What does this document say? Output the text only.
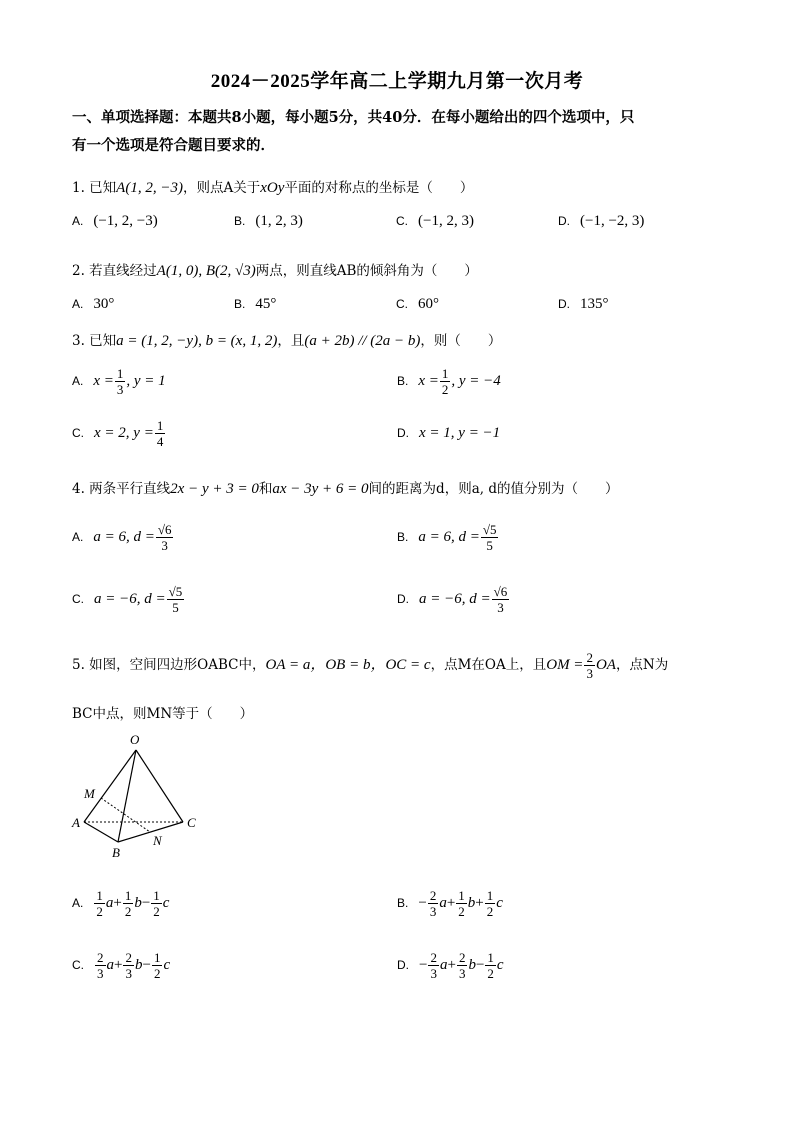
2024－2025学年高二上学期九月第一次月考
一、单项选择题：本题共8小题，每小题5分，共40分．在每小题给出的四个选项中，只
有一个选项是符合题目要求的．
1. 已知A(1, 2, −3)，则点A关于xOy平面的对称点的坐标是（　　）
A. (−1, 2, −3)	B. (1, 2, 3)	C. (−1, 2, 3)	D. (−1, −2, 3)
2. 若直线经过A(1, 0), B(2, √3)两点，则直线AB的倾斜角为（　　）
A. 30°	B. 45°	C. 60°	D. 135°
3. 已知a = (1, 2, −y), b = (x, 1, 2)，且(a + 2b) // (2a − b)，则（　　）
A. $x = \frac{1}{3}$ , y = 1	B. $x = \frac{1}{2}$ , y = −4
C. x = 2, $y = \frac{1}{4}$	D. x = 1, y = −1
4. 两条平行直线2x − y + 3 = 0和ax − 3y + 6 = 0间的距离为d，则a, d的值分别为（　　）
A. a = 6, $d = \frac{√6}{3}$	B. a = 6, $d = \frac{√5}{5}$
C. a = −6, $d = \frac{√5}{5}$	D. a = −6, $d = \frac{√6}{3}$
5. 如图，空间四边形OABC中，OA = a，OB = b，OC = c，点M在OA上，且OM = $\frac{2}{3}$ OA，点N为
BC中点，则MN等于（　　）
O
M
A
B
C
N
A. $\frac{1}{2} a+ \frac{1}{2} b- \frac{1}{2}$ c	B. − $\frac{2}{3} a+ \frac{1}{2} b+ \frac{1}{2}$ c
C. $\frac{2}{3} a+ \frac{2}{3} b- \frac{1}{2}$ c	D. − $\frac{2}{3} a+ \frac{2}{3} b- \frac{1}{2}$ c
